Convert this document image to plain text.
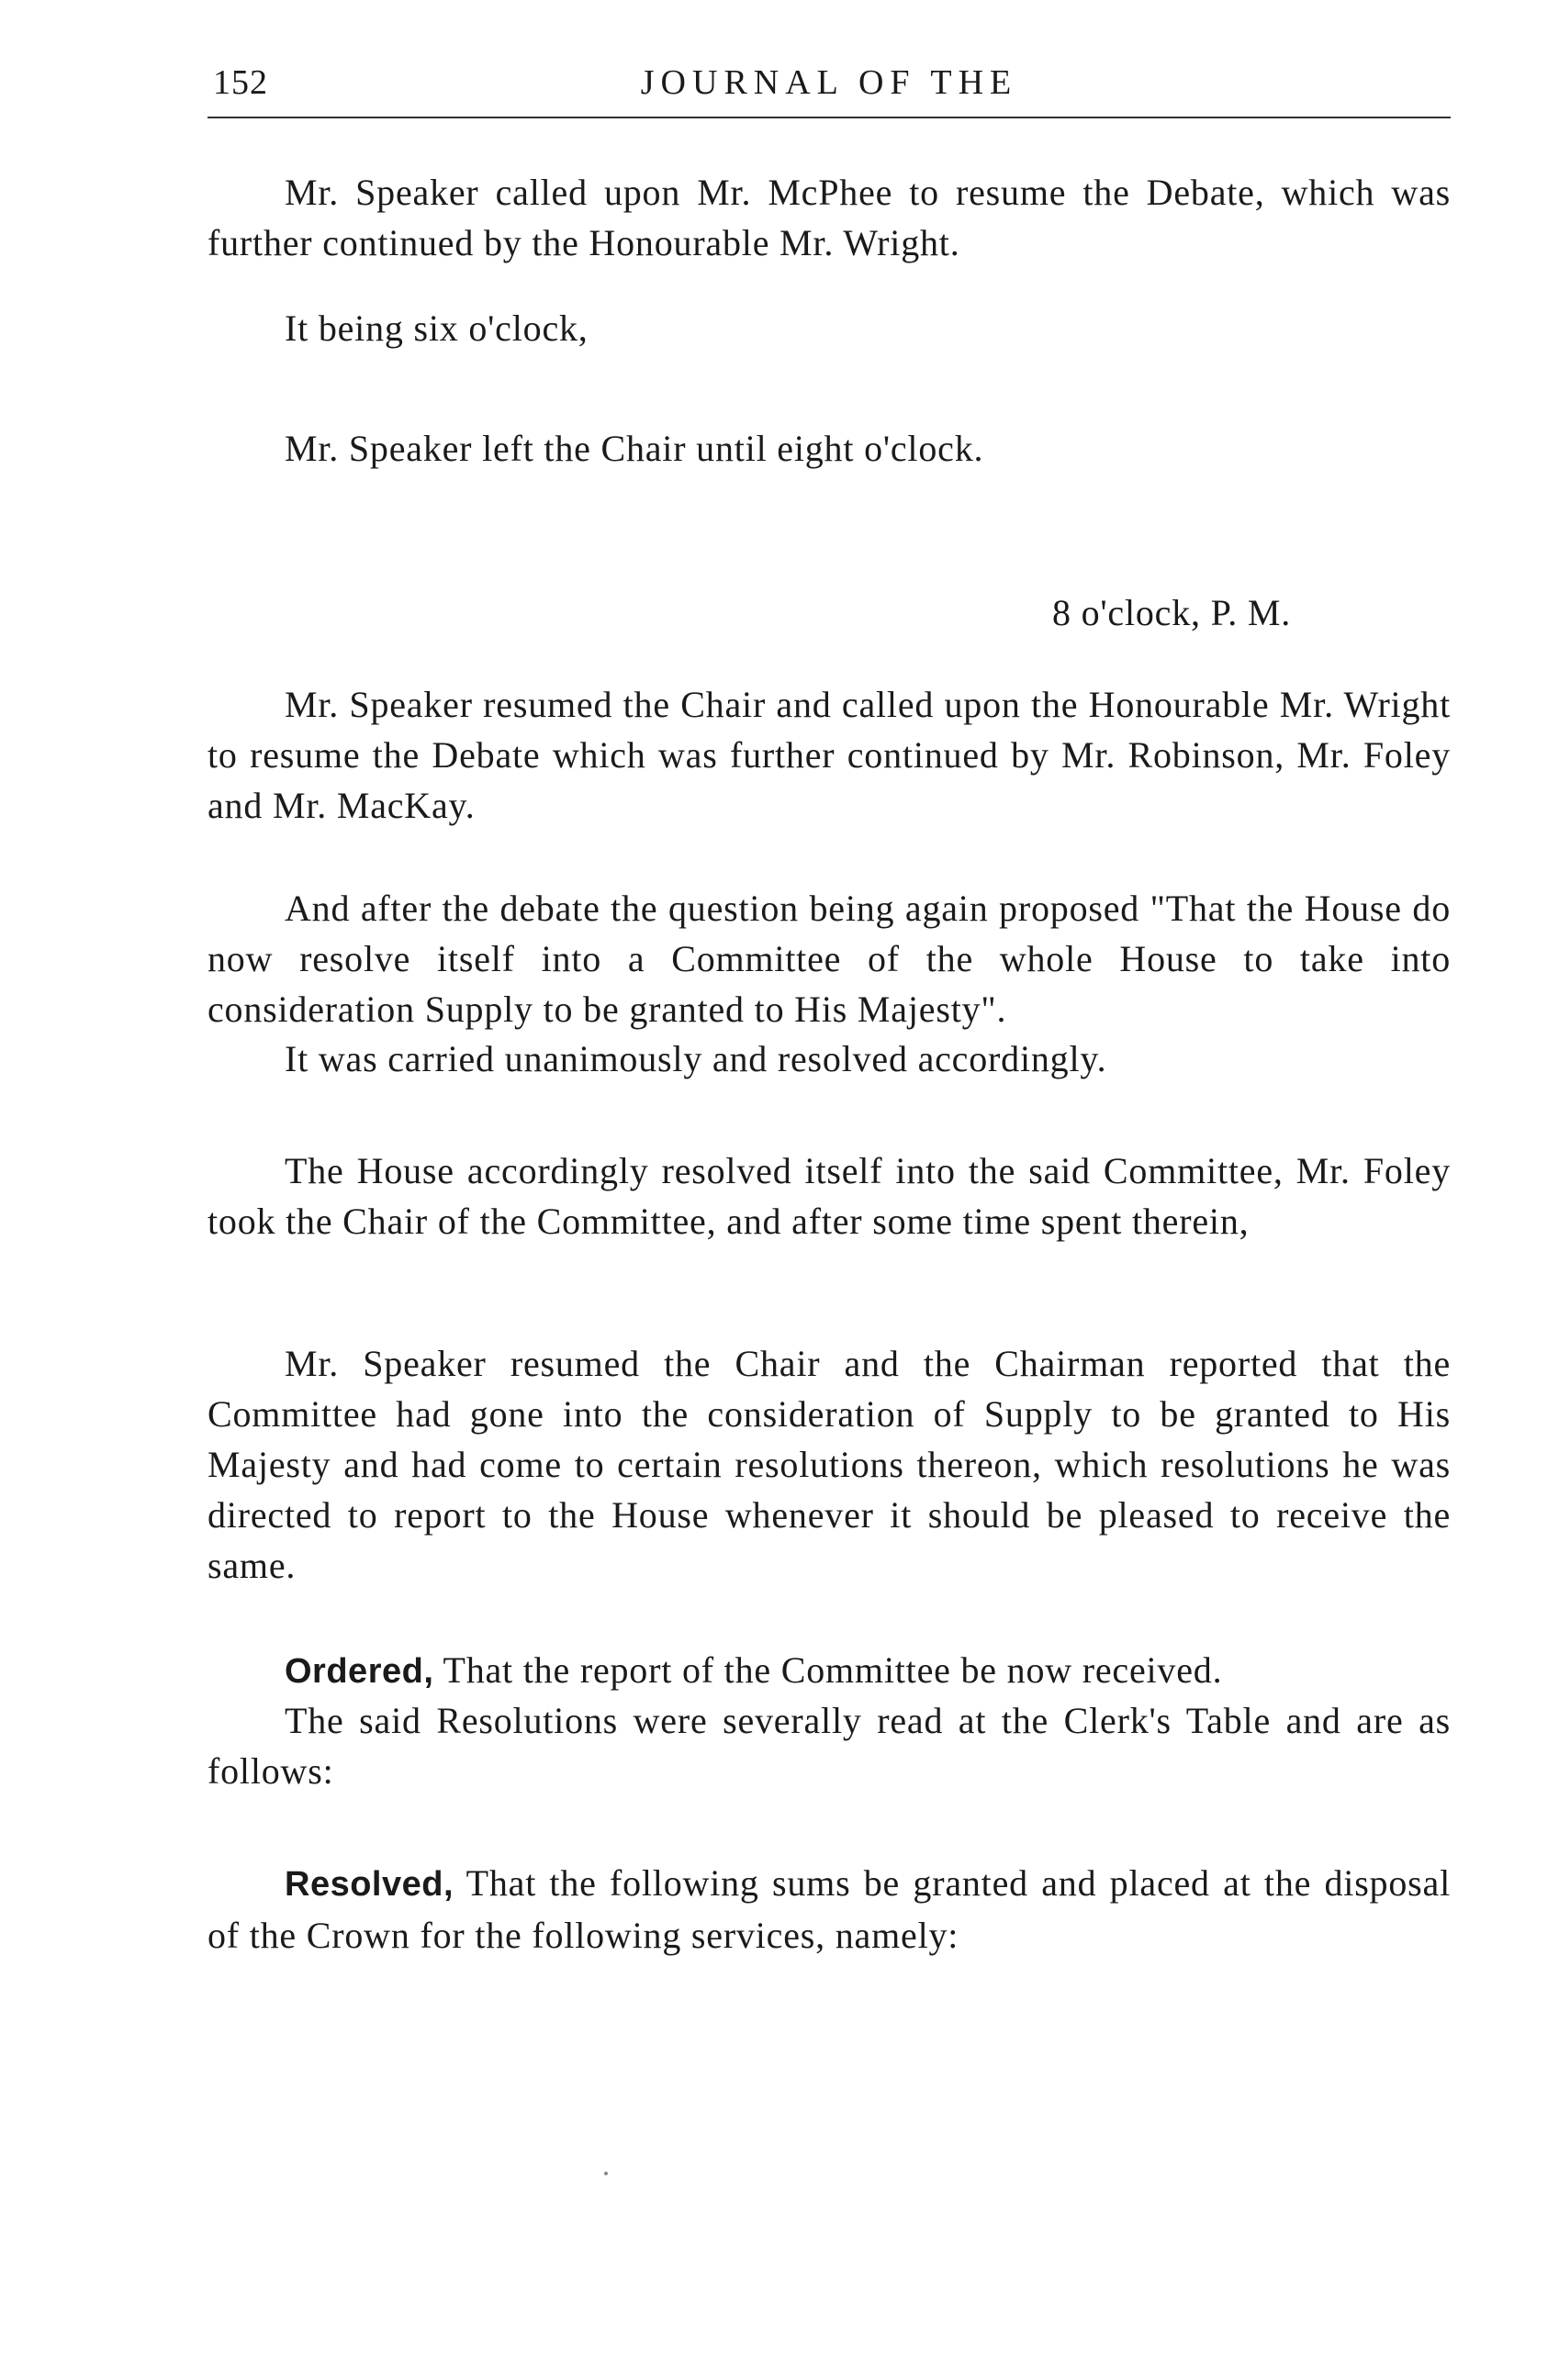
152	JOURNAL OF THE

Mr. Speaker called upon Mr. McPhee to resume the Debate, which was further continued by the Honourable Mr. Wright.

It being six o'clock,

Mr. Speaker left the Chair until eight o'clock.

8 o'clock, P. M.

Mr. Speaker resumed the Chair and called upon the Honourable Mr. Wright to resume the Debate which was further continued by Mr. Robinson, Mr. Foley and Mr. MacKay.

And after the debate the question being again proposed "That the House do now resolve itself into a Committee of the whole House to take into consideration Supply to be granted to His Majesty".

It was carried unanimously and resolved accordingly.

The House accordingly resolved itself into the said Committee, Mr. Foley took the Chair of the Committee, and after some time spent therein,

Mr. Speaker resumed the Chair and the Chairman reported that the Committee had gone into the consideration of Supply to be granted to His Majesty and had come to certain resolutions thereon, which resolutions he was directed to report to the House whenever it should be pleased to receive the same.

Ordered, That the report of the Committee be now received.

The said Resolutions were severally read at the Clerk's Table and are as follows:

Resolved, That the following sums be granted and placed at the disposal of the Crown for the following services, namely:
